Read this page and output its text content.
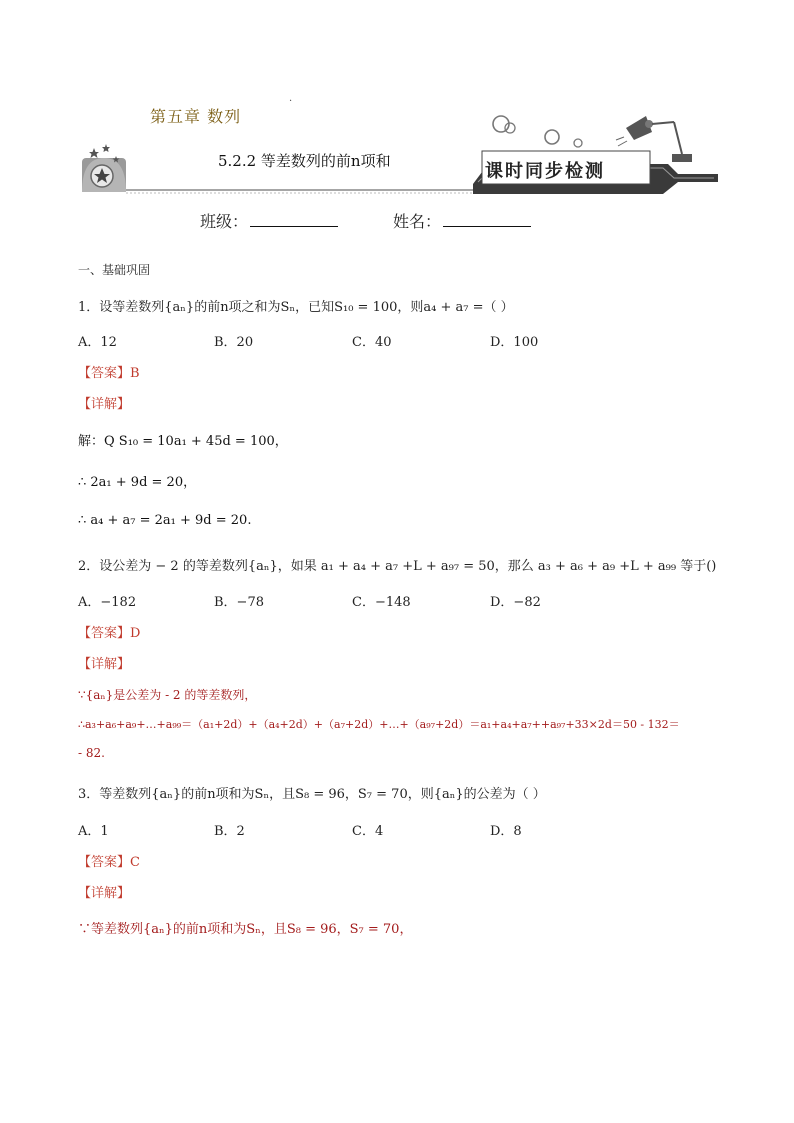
第五章 数列
·
5.2.2 等差数列的前n项和	课时同步检测
班级：	姓名：
一、基础巩固
1．设等差数列{aₙ}的前n项之和为Sₙ，已知S₁₀ = 100，则a₄ + a₇ =（ ）
A．12	B．20	C．40	D．100
【答案】B
【详解】
解：Q S₁₀ = 10a₁ + 45d = 100，
∴ 2a₁ + 9d = 20，
∴ a₄ + a₇ = 2a₁ + 9d = 20.
2．设公差为 − 2 的等差数列{aₙ}，如果 a₁ + a₄ + a₇ +L + a₉₇ = 50，那么 a₃ + a₆ + a₉ +L + a₉₉ 等于()
A．−182	B．−78	C．−148	D．−82
【答案】D
【详解】
∵{aₙ}是公差为 - 2 的等差数列，
∴a₃+a₆+a₉+…+a₉₉＝（a₁+2d）+（a₄+2d）+（a₇+2d）+…+（a₉₇+2d）＝a₁+a₄+a₇++a₉₇+33×2d＝50 - 132＝
- 82.
3．等差数列{aₙ}的前n项和为Sₙ，且S₈ = 96，S₇ = 70，则{aₙ}的公差为（ ）
A．1	B．2	C．4	D．8
【答案】C
【详解】
∵等差数列{aₙ}的前n项和为Sₙ，且S₈ = 96，S₇ = 70，
